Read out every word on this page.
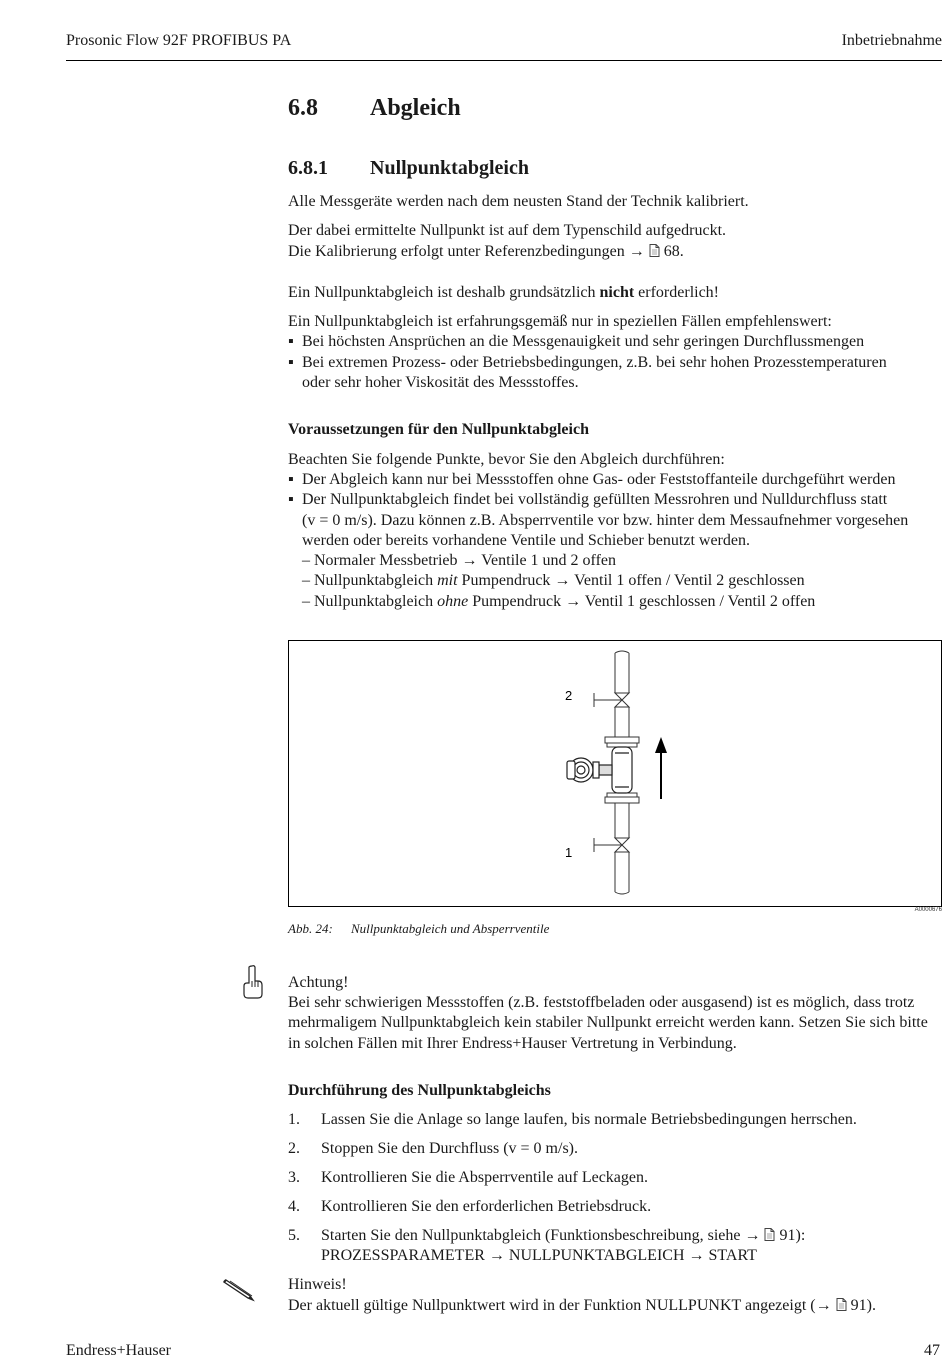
Prosonic Flow 92F PROFIBUS PA	Inbetriebnahme
6.8 Abgleich
6.8.1 Nullpunktabgleich
Alle Messgeräte werden nach dem neusten Stand der Technik kalibriert.
Der dabei ermittelte Nullpunkt ist auf dem Typenschild aufgedruckt.
Die Kalibrierung erfolgt unter Referenzbedingungen → 68.
Ein Nullpunktabgleich ist deshalb grundsätzlich nicht erforderlich!
Ein Nullpunktabgleich ist erfahrungsgemäß nur in speziellen Fällen empfehlenswert:
▪ Bei höchsten Ansprüchen an die Messgenauigkeit und sehr geringen Durchflussmengen
▪ Bei extremen Prozess- oder Betriebsbedingungen, z.B. bei sehr hohen Prozesstemperaturen
oder sehr hoher Viskosität des Messstoffes.
Voraussetzungen für den Nullpunktabgleich
Beachten Sie folgende Punkte, bevor Sie den Abgleich durchführen:
▪ Der Abgleich kann nur bei Messstoffen ohne Gas- oder Feststoffanteile durchgeführt werden
▪ Der Nullpunktabgleich findet bei vollständig gefüllten Messrohren und Nulldurchfluss statt
(v = 0 m/s). Dazu können z.B. Absperrventile vor bzw. hinter dem Messaufnehmer vorgesehen
werden oder bereits vorhandene Ventile und Schieber benutzt werden.
– Normaler Messbetrieb → Ventile 1 und 2 offen
– Nullpunktabgleich mit Pumpendruck → Ventil 1 offen / Ventil 2 geschlossen
– Nullpunktabgleich ohne Pumpendruck → Ventil 1 geschlossen / Ventil 2 offen
Achtung!
Bei sehr schwierigen Messstoffen (z.B. feststoffbeladen oder ausgasend) ist es möglich, dass trotz
mehrmaligem Nullpunktabgleich kein stabiler Nullpunkt erreicht werden kann. Setzen Sie sich bitte
in solchen Fällen mit Ihrer Endress+Hauser Vertretung in Verbindung.
Durchführung des Nullpunktabgleichs
1. Lassen Sie die Anlage so lange laufen, bis normale Betriebsbedingungen herrschen.
2. Stoppen Sie den Durchfluss (v = 0 m/s).
3. Kontrollieren Sie die Absperrventile auf Leckagen.
4. Kontrollieren Sie den erforderlichen Betriebsdruck.
5. Starten Sie den Nullpunktabgleich (Funktionsbeschreibung, siehe → 91):
PROZESSPARAMETER → NULLPUNKTABGLEICH → START
Hinweis!
Der aktuell gültige Nullpunktwert wird in der Funktion NULLPUNKT angezeigt (→ 91).
2
1
A0000676
Abb. 24: Nullpunktabgleich und Absperrventile
Endress+Hauser	47
